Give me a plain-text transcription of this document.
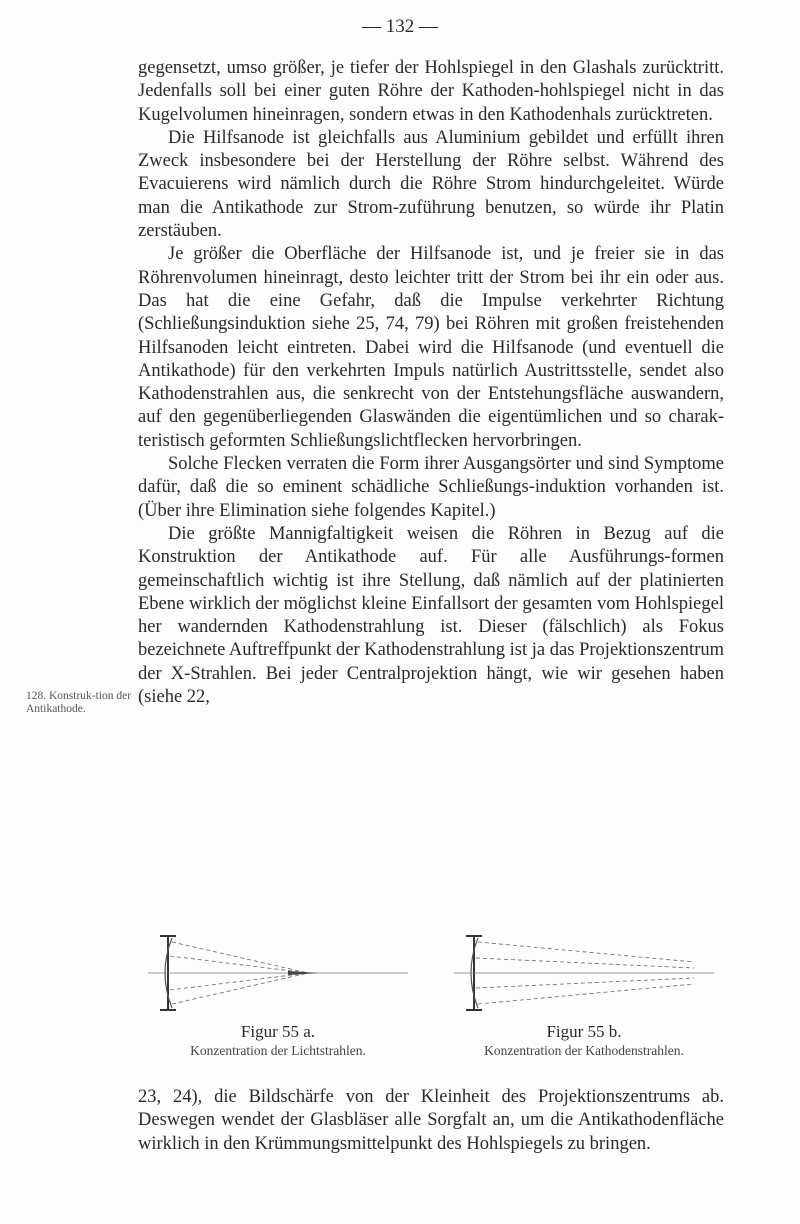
— 132 —

gegensetzt, umso größer, je tiefer der Hohlspiegel in den Glashals zurücktritt. Jedenfalls soll bei einer guten Röhre der Kathoden-hohlspiegel nicht in das Kugelvolumen hineinragen, sondern etwas in den Kathodenhals zurücktreten.

Die Hilfsanode ist gleichfalls aus Aluminium gebildet und erfüllt ihren Zweck insbesondere bei der Herstellung der Röhre selbst. Während des Evacuierens wird nämlich durch die Röhre Strom hindurchgeleitet. Würde man die Antikathode zur Strom-zuführung benutzen, so würde ihr Platin zerstäuben.

Je größer die Oberfläche der Hilfsanode ist, und je freier sie in das Röhrenvolumen hineinragt, desto leichter tritt der Strom bei ihr ein oder aus. Das hat die eine Gefahr, daß die Impulse verkehrter Richtung (Schließungsinduktion siehe 25, 74, 79) bei Röhren mit großen freistehenden Hilfsanoden leicht eintreten. Dabei wird die Hilfsanode (und eventuell die Antikathode) für den verkehrten Impuls natürlich Austrittsstelle, sendet also Kathodenstrahlen aus, die senkrecht von der Entstehungsfläche auswandern, auf den gegenüberliegenden Glaswänden die eigentümlichen und so charak-teristisch geformten Schließungslichtflecken hervorbringen.

Solche Flecken verraten die Form ihrer Ausgangsörter und sind Symptome dafür, daß die so eminent schädliche Schließungs-induktion vorhanden ist. (Über ihre Elimination siehe folgendes Kapitel.)

Die größte Mannigfaltigkeit weisen die Röhren in Bezug auf die Konstruktion der Antikathode auf. Für alle Ausführungs-formen gemeinschaftlich wichtig ist ihre Stellung, daß nämlich auf der platinierten Ebene wirklich der möglichst kleine Einfallsort der gesamten vom Hohlspiegel her wandernden Kathodenstrahlung ist. Dieser (fälschlich) als Fokus bezeichnete Auftreffpunkt der Kathodenstrahlung ist ja das Projektionszentrum der X-Strahlen. Bei jeder Centralprojektion hängt, wie wir gesehen haben (siehe 22,

128. Konstruk-tion der Antikathode.
Figur 55 a.
Konzentration der Lichtstrahlen.
Figur 55 b.
Konzentration der Kathodenstrahlen.

23, 24), die Bildschärfe von der Kleinheit des Projektionszentrums ab. Deswegen wendet der Glasbläser alle Sorgfalt an, um die Antikathodenfläche wirklich in den Krümmungsmittelpunkt des Hohlspiegels zu bringen.
